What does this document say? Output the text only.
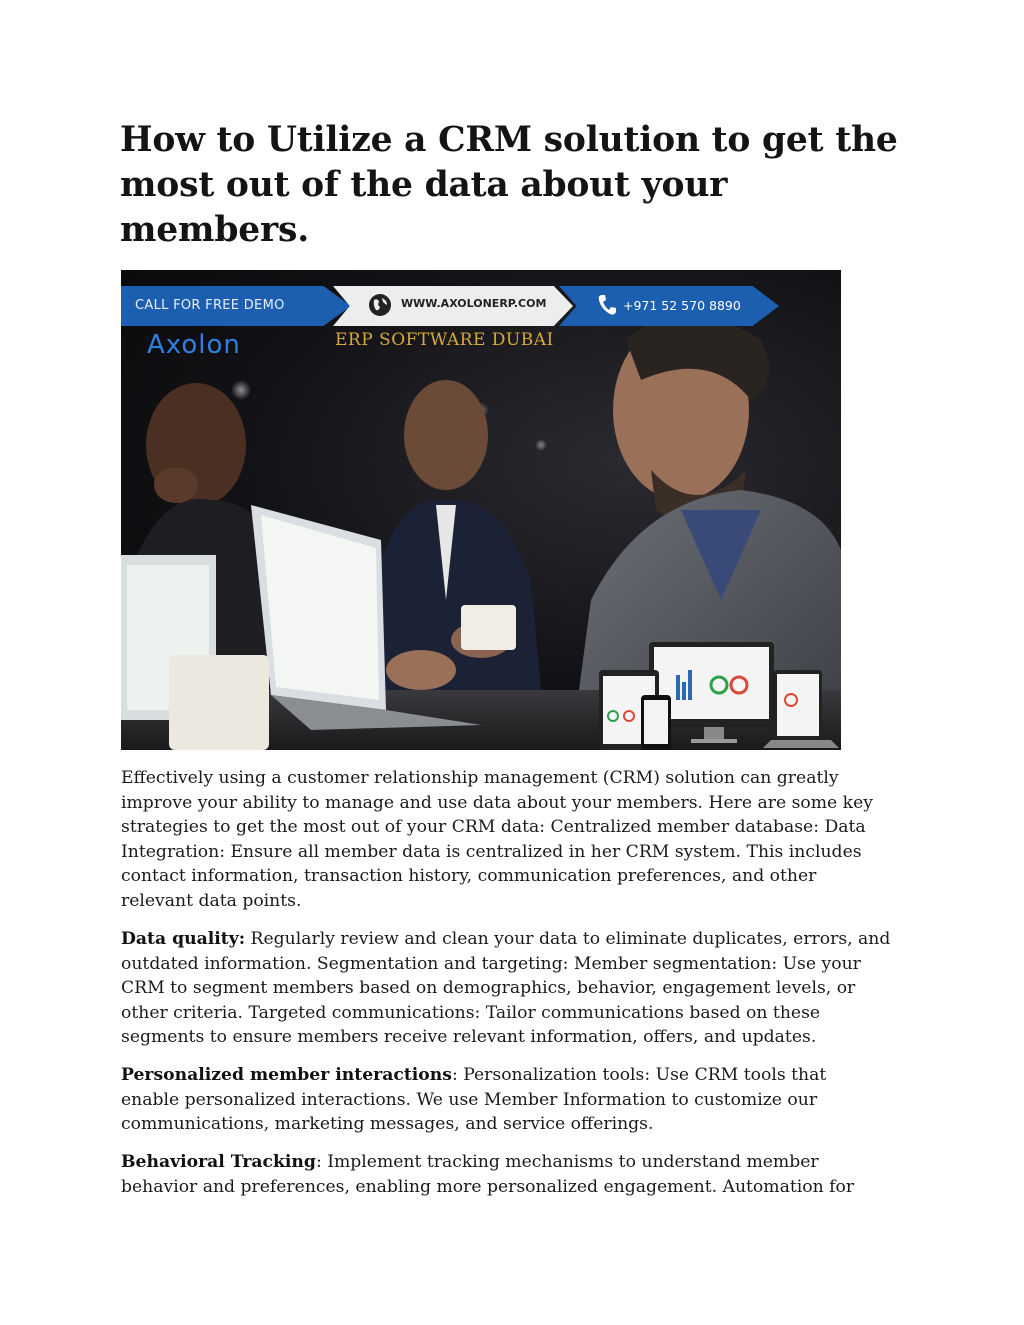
How to Utilize a CRM solution to get the
most out of the data about your
members.
CALL FOR FREE DEMO	WWW.AXOLONERP.COM	+971 52 570 8890
Axolon	ERP SOFTWARE DUBAI

Effectively using a customer relationship management (CRM) solution can greatly
improve your ability to manage and use data about your members. Here are some key
strategies to get the most out of your CRM data: Centralized member database: Data
Integration: Ensure all member data is centralized in her CRM system. This includes
contact information, transaction history, communication preferences, and other
relevant data points.

Data quality: Regularly review and clean your data to eliminate duplicates, errors, and
outdated information. Segmentation and targeting: Member segmentation: Use your
CRM to segment members based on demographics, behavior, engagement levels, or
other criteria. Targeted communications: Tailor communications based on these
segments to ensure members receive relevant information, offers, and updates.

Personalized member interactions: Personalization tools: Use CRM tools that
enable personalized interactions. We use Member Information to customize our
communications, marketing messages, and service offerings.

Behavioral Tracking: Implement tracking mechanisms to understand member
behavior and preferences, enabling more personalized engagement. Automation for
